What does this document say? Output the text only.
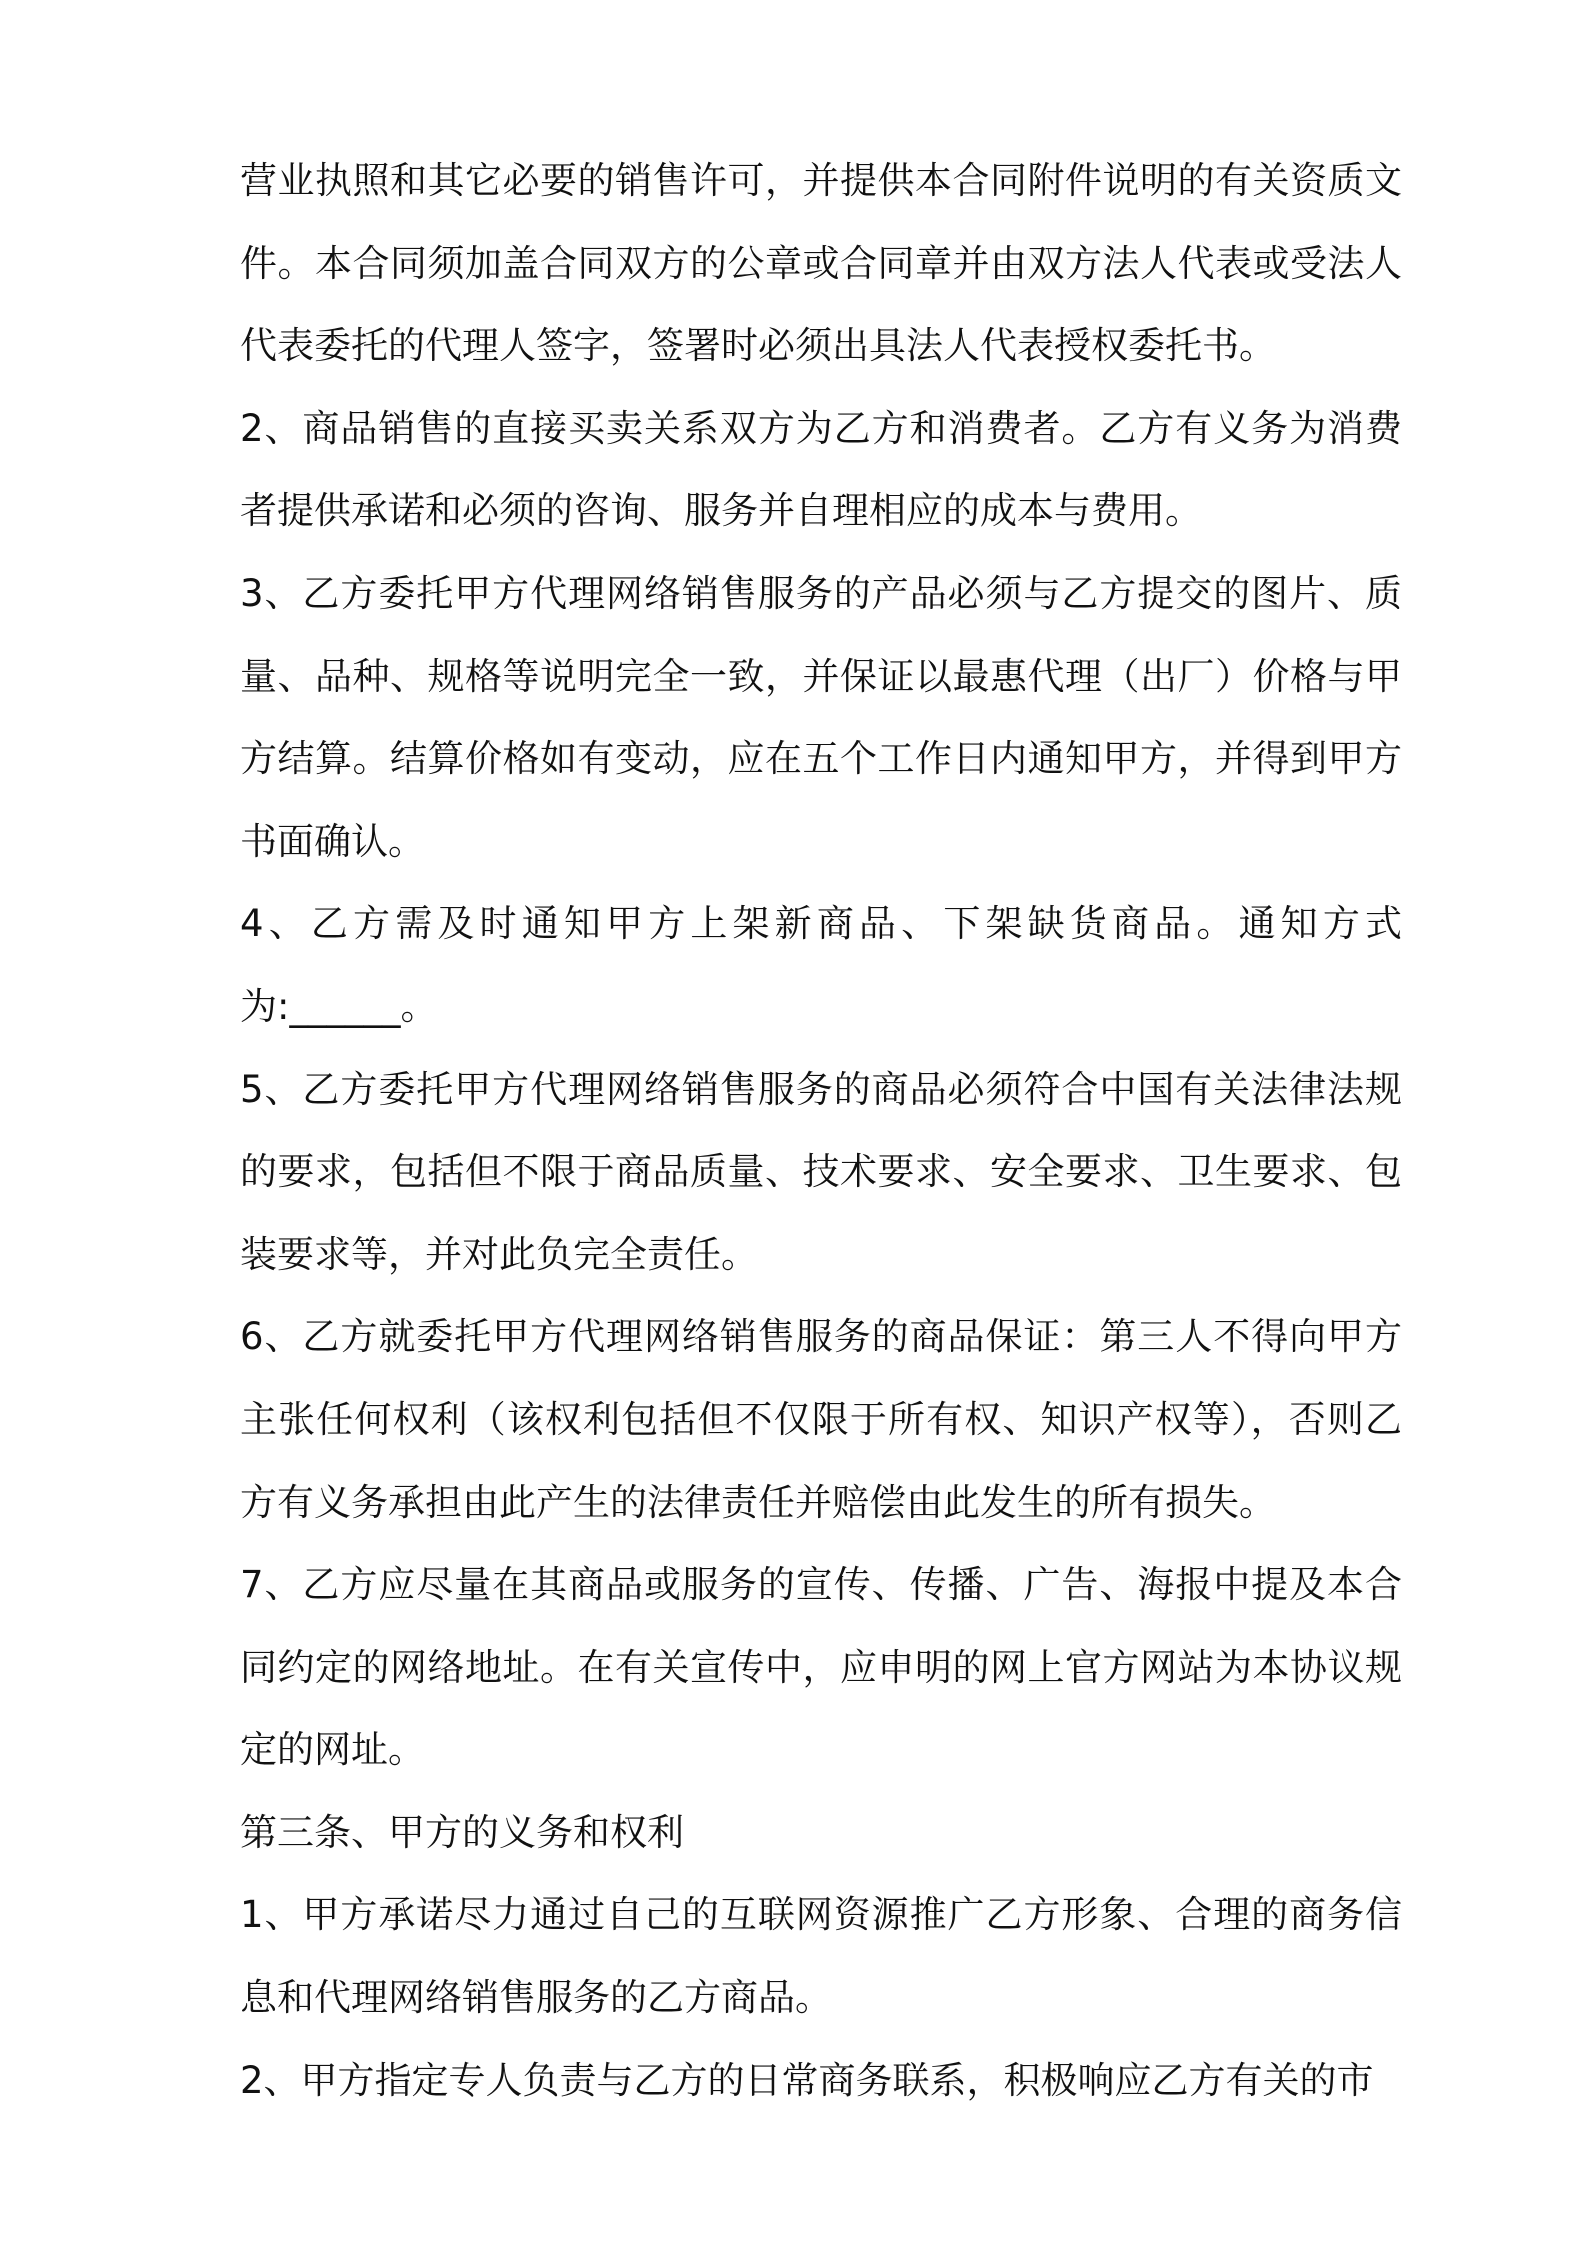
营业执照和其它必要的销售许可，并提供本合同附件说明的有关资质文件。本合同须加盖合同双方的公章或合同章并由双方法人代表或受法人代表委托的代理人签字，签署时必须出具法人代表授权委托书。

2、商品销售的直接买卖关系双方为乙方和消费者。乙方有义务为消费者提供承诺和必须的咨询、服务并自理相应的成本与费用。

3、乙方委托甲方代理网络销售服务的产品必须与乙方提交的图片、质量、品种、规格等说明完全一致，并保证以最惠代理（出厂）价格与甲方结算。结算价格如有变动，应在五个工作日内通知甲方，并得到甲方书面确认。

4、乙方需及时通知甲方上架新商品、下架缺货商品。通知方式为:______。

5、乙方委托甲方代理网络销售服务的商品必须符合中国有关法律法规的要求，包括但不限于商品质量、技术要求、安全要求、卫生要求、包装要求等，并对此负完全责任。

6、乙方就委托甲方代理网络销售服务的商品保证：第三人不得向甲方主张任何权利（该权利包括但不仅限于所有权、知识产权等），否则乙方有义务承担由此产生的法律责任并赔偿由此发生的所有损失。

7、乙方应尽量在其商品或服务的宣传、传播、广告、海报中提及本合同约定的网络地址。在有关宣传中，应申明的网上官方网站为本协议规定的网址。

第三条、甲方的义务和权利

1、甲方承诺尽力通过自己的互联网资源推广乙方形象、合理的商务信息和代理网络销售服务的乙方商品。

2、甲方指定专人负责与乙方的日常商务联系，积极响应乙方有关的市
